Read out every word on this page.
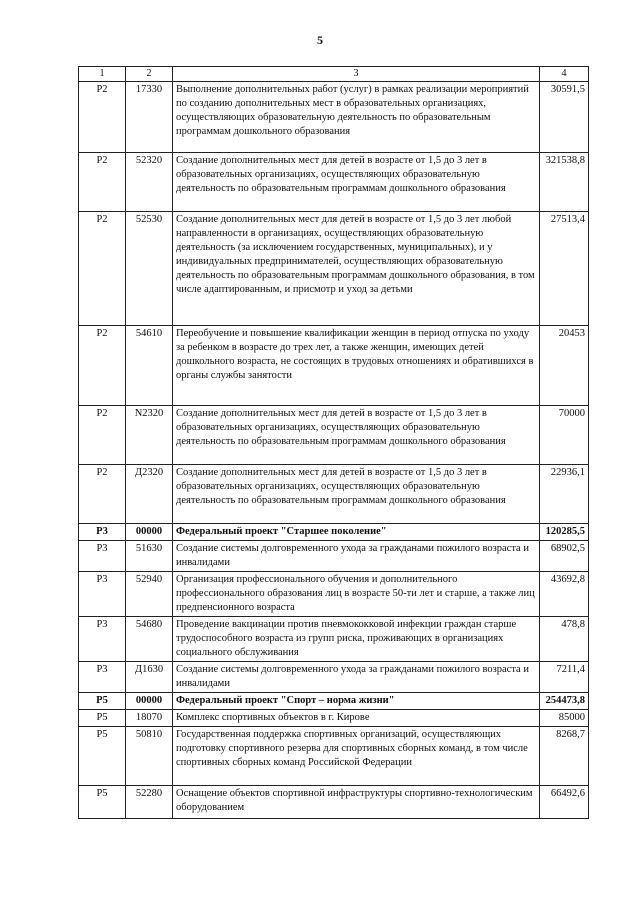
5
1	2	3	4
Р2	17330	Выполнение дополнительных работ (услуг) в рамках реализации мероприятий по созданию дополнительных мест в образовательных организациях, осуществляющих образовательную деятельность по образовательным программам дошкольного образования	30591,5
Р2	52320	Создание дополнительных мест для детей в возрасте от 1,5 до 3 лет в образовательных организациях, осуществляющих образовательную деятельность по образовательным программам дошкольного образования	321538,8
Р2	52530	Создание дополнительных мест для детей в возрасте от 1,5 до 3 лет любой направленности в организациях, осуществляющих образовательную деятельность (за исключением государственных, муниципальных), и у индивидуальных предпринимателей, осуществляющих образовательную деятельность по образовательным программам дошкольного образования, в том числе адаптированным, и присмотр и уход за детьми	27513,4
Р2	54610	Переобучение и повышение квалификации женщин в период отпуска по уходу за ребенком в возрасте до трех лет, а также женщин, имеющих детей дошкольного возраста, не состоящих в трудовых отношениях и обратившихся в органы службы занятости	20453
Р2	N2320	Создание дополнительных мест для детей в возрасте от 1,5 до 3 лет в образовательных организациях, осуществляющих образовательную деятельность по образовательным программам дошкольного образования	70000
Р2	Д2320	Создание дополнительных мест для детей в возрасте от 1,5 до 3 лет в образовательных организациях, осуществляющих образовательную деятельность по образовательным программам дошкольного образования	22936,1
Р3	00000	Федеральный проект "Старшее поколение"	120285,5
Р3	51630	Создание системы долговременного ухода за гражданами пожилого возраста и инвалидами	68902,5
Р3	52940	Организация профессионального обучения и дополнительного профессионального образования лиц в возрасте 50-ти лет и старше, а также лиц предпенсионного возраста	43692,8
Р3	54680	Проведение вакцинации против пневмококковой инфекции граждан старше трудоспособного возраста из групп риска, проживающих в организациях социального обслуживания	478,8
Р3	Д1630	Создание системы долговременного ухода за гражданами пожилого возраста и инвалидами	7211,4
Р5	00000	Федеральный проект "Спорт – норма жизни"	254473,8
Р5	18070	Комплекс спортивных объектов в г. Кирове	85000
Р5	50810	Государственная поддержка спортивных организаций, осуществляющих подготовку спортивного резерва для спортивных сборных команд, в том числе спортивных сборных команд Российской Федерации	8268,7
Р5	52280	Оснащение объектов спортивной инфраструктуры спортивно-технологическим оборудованием	66492,6
